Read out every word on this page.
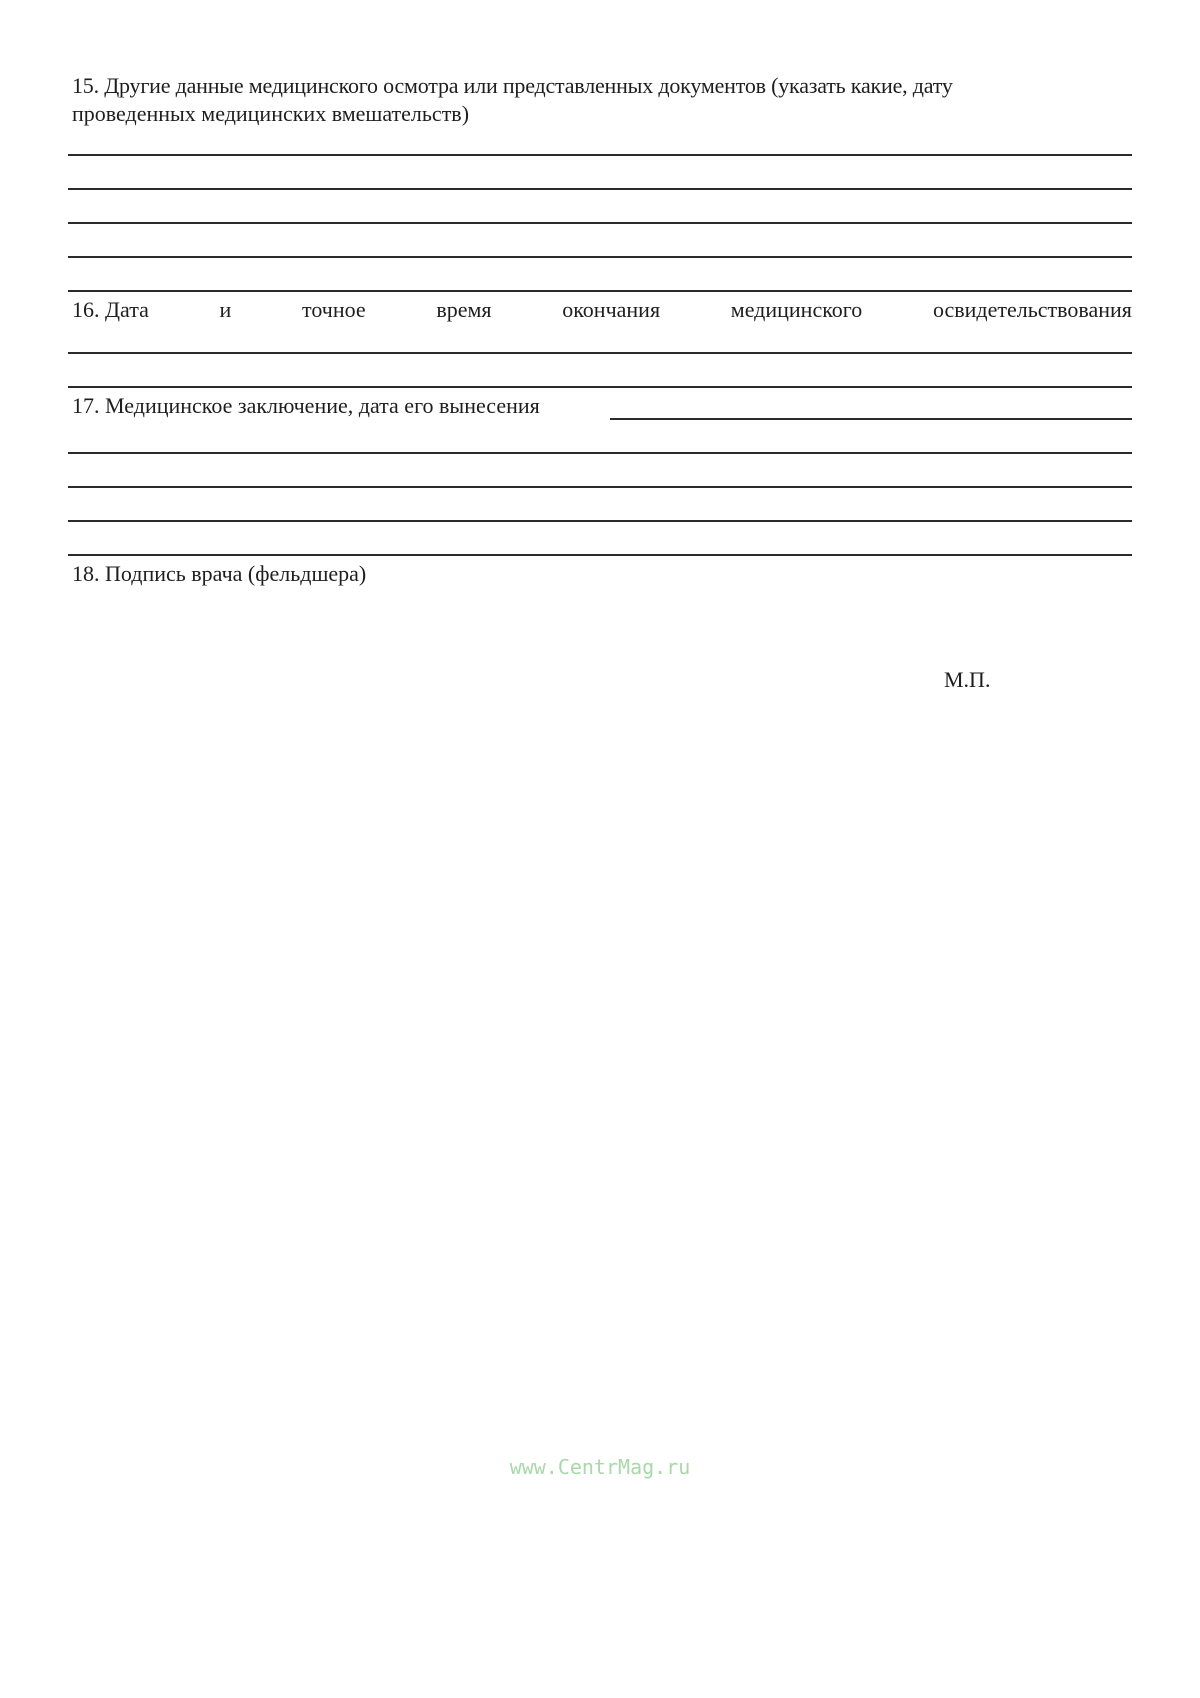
15. Другие данные медицинского осмотра или представленных документов (указать какие, дату
проведенных медицинских вмешательств)
16. Дата	и	точное	время	окончания	медицинского	освидетельствования
17. Медицинское заключение, дата его вынесения
18. Подпись врача (фельдшера)
М.П.
www.CentrMag.ru
